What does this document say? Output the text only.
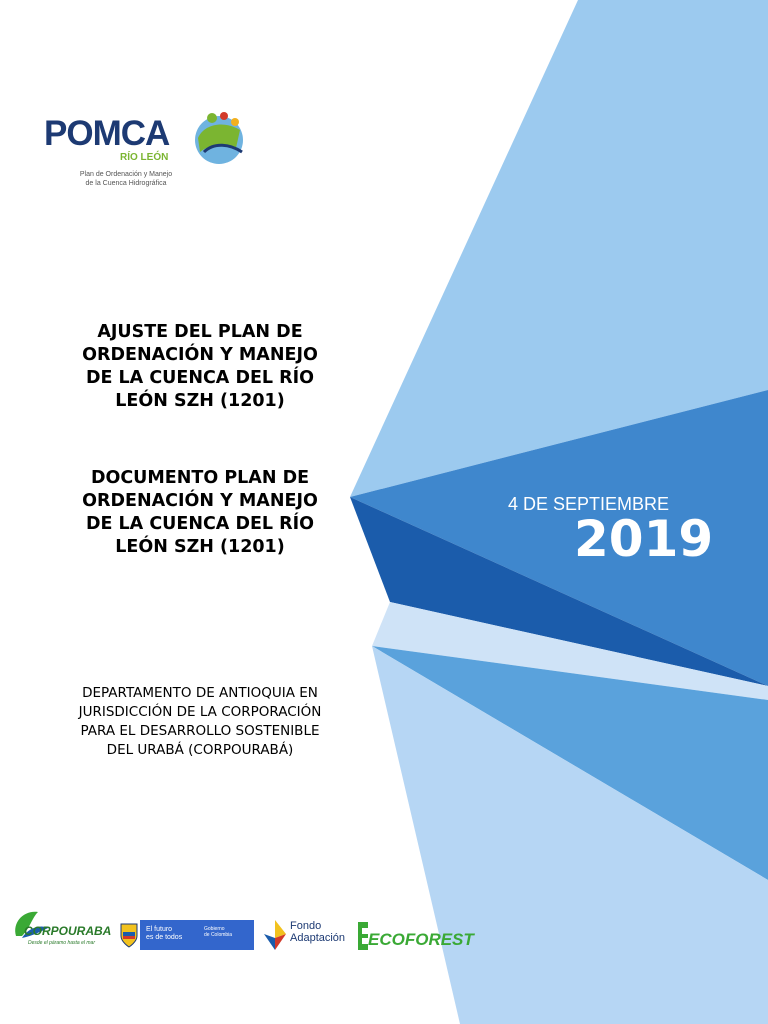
POMCA
RÍO LEÓN
Plan de Ordenación y Manejo
de la Cuenca Hidrográfica
AJUSTE DEL PLAN DE
ORDENACIÓN Y MANEJO
DE LA CUENCA DEL RÍO
LEÓN SZH (1201)
DOCUMENTO PLAN DE
ORDENACIÓN Y MANEJO
DE LA CUENCA DEL RÍO
LEÓN SZH (1201)
4 DE SEPTIEMBRE
2019
DEPARTAMENTO DE ANTIOQUIA EN
JURISDICCIÓN DE LA CORPORACIÓN
PARA EL DESARROLLO SOSTENIBLE
DEL URABÁ (CORPOURABÁ)
CORPOURABA
Desde el páramo hasta el mar
El futuro
es de todos
Gobierno
de Colombia
Fondo
Adaptación ECOFOREST
